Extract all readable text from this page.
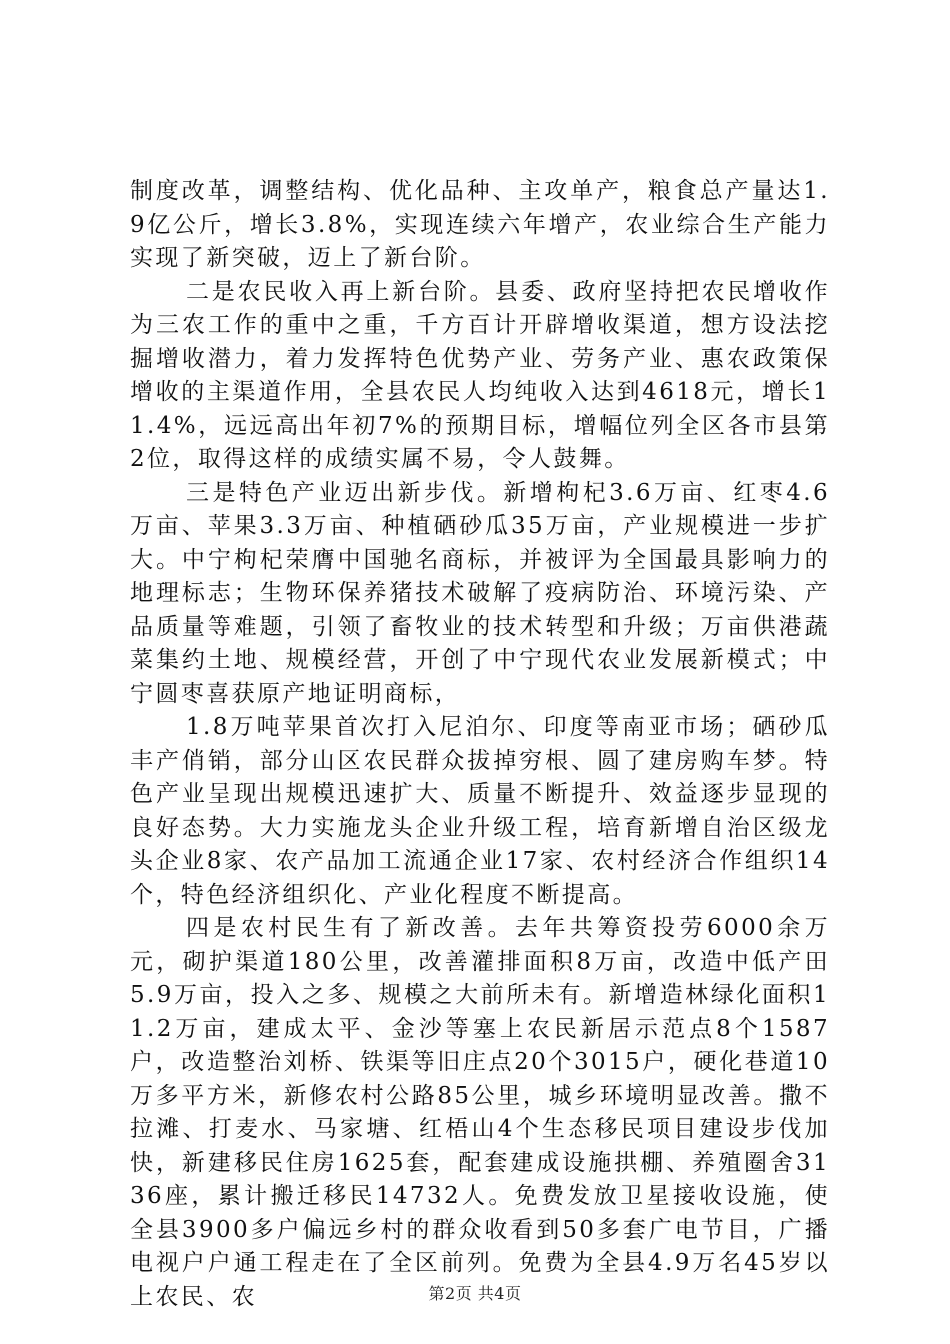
制度改革，调整结构、优化品种、主攻单产，粮食总产量达1.9亿公斤，增长3.8%，实现连续六年增产，农业综合生产能力实现了新突破，迈上了新台阶。

二是农民收入再上新台阶。县委、政府坚持把农民增收作为三农工作的重中之重，千方百计开辟增收渠道，想方设法挖掘增收潜力，着力发挥特色优势产业、劳务产业、惠农政策保增收的主渠道作用，全县农民人均纯收入达到4618元，增长11.4%，远远高出年初7%的预期目标，增幅位列全区各市县第2位，取得这样的成绩实属不易，令人鼓舞。

三是特色产业迈出新步伐。新增枸杞3.6万亩、红枣4.6万亩、苹果3.3万亩、种植硒砂瓜35万亩，产业规模进一步扩大。中宁枸杞荣膺中国驰名商标，并被评为全国最具影响力的地理标志；生物环保养猪技术破解了疫病防治、环境污染、产品质量等难题，引领了畜牧业的技术转型和升级；万亩供港蔬菜集约土地、规模经营，开创了中宁现代农业发展新模式；中宁圆枣喜获原产地证明商标，

1.8万吨苹果首次打入尼泊尔、印度等南亚市场；硒砂瓜丰产俏销，部分山区农民群众拔掉穷根、圆了建房购车梦。特色产业呈现出规模迅速扩大、质量不断提升、效益逐步显现的良好态势。大力实施龙头企业升级工程，培育新增自治区级龙头企业8家、农产品加工流通企业17家、农村经济合作组织14个，特色经济组织化、产业化程度不断提高。

四是农村民生有了新改善。去年共筹资投劳6000余万元，砌护渠道180公里，改善灌排面积8万亩，改造中低产田5.9万亩，投入之多、规模之大前所未有。新增造林绿化面积11.2万亩，建成太平、金沙等塞上农民新居示范点8个1587户，改造整治刘桥、铁渠等旧庄点20个3015户，硬化巷道10万多平方米，新修农村公路85公里，城乡环境明显改善。撒不拉滩、打麦水、马家塘、红梧山4个生态移民项目建设步伐加快，新建移民住房1625套，配套建成设施拱棚、养殖圈舍3136座，累计搬迁移民14732人。免费发放卫星接收设施，使全县3900多户偏远乡村的群众收看到50多套广电节目，广播电视户户通工程走在了全区前列。免费为全县4.9万名45岁以上农民、农	第2页 共4页
